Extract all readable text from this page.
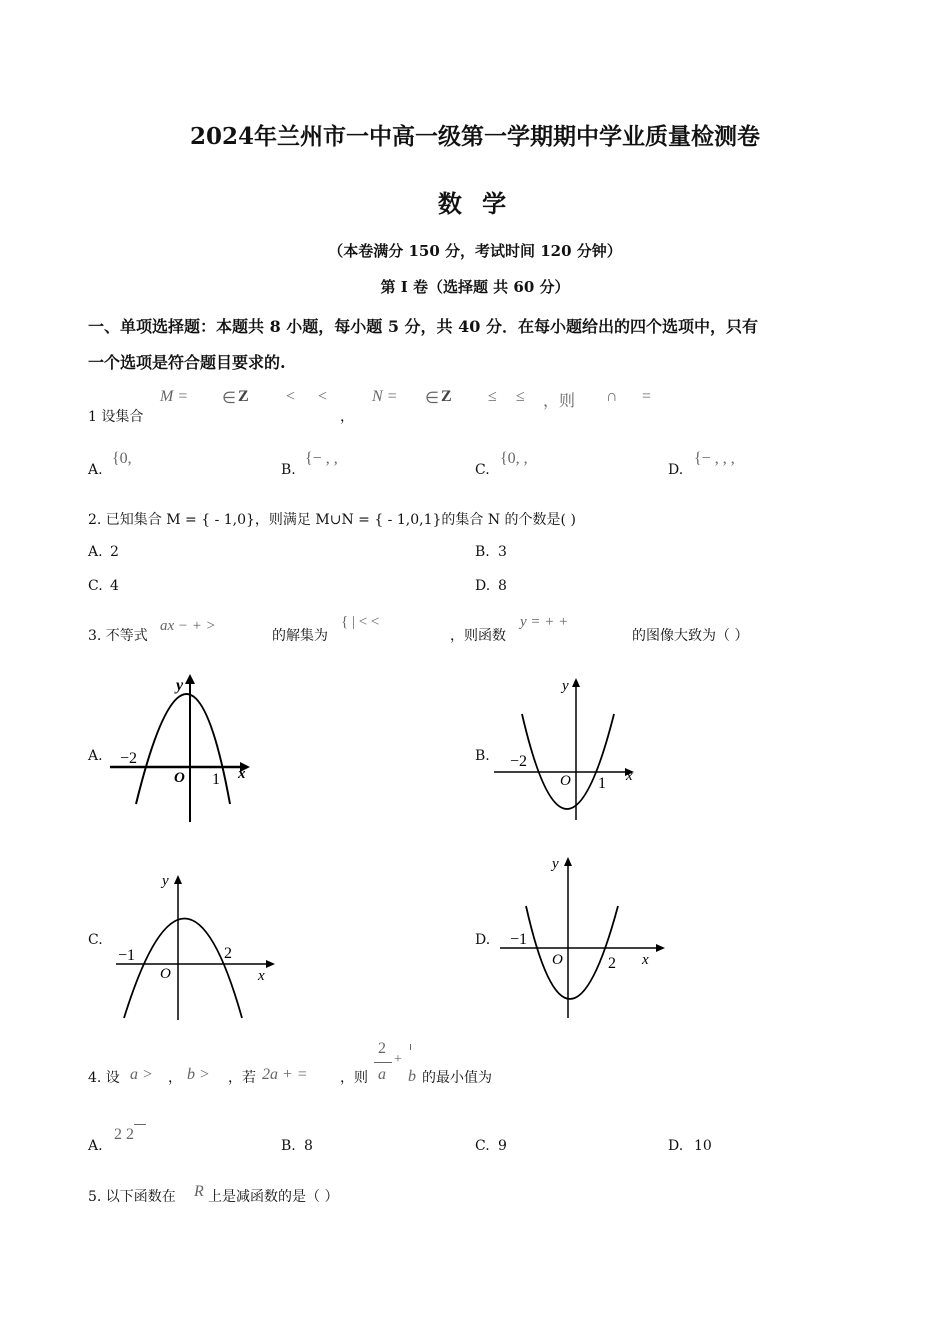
2024年兰州市一中高一级第一学期期中学业质量检测卷
数 学
（本卷满分 150 分，考试时间 120 分钟）
第 I 卷（选择题 共 60 分）
一、单项选择题：本题共 8 小题，每小题 5 分，共 40 分．在每小题给出的四个选项中，只有
一个选项是符合题目要求的.
1 设集合
M = ∈ Z < <
，
N = ∈ Z ≤ ≤ ，则 ∩ =
A.
{0,
B.
{− , ,
C.
{0, ,
D.
{− , , ,
2. 已知集合 M = { - 1,0}，则满足 M∪N = { - 1,0,1}的集合 N 的个数是( )
A. 2	B. 3
C. 4	D. 8
3. 不等式
ax − + >
的解集为
{ | < <
，则函数
y = + +
的图像大致为（ ）
A.
y
x
O
−2
1
B.
y
x
O
−2
1
C.
y
x
O
−1	2
D.
y
x
O
−1
2
4. 设 a > ， b > ，若 2a + = ，则
2
a
+
b 的最小值为
A.
2 2
B. 8	C. 9	D. 10
5. 以下函数在 R 上是减函数的是（ ）
